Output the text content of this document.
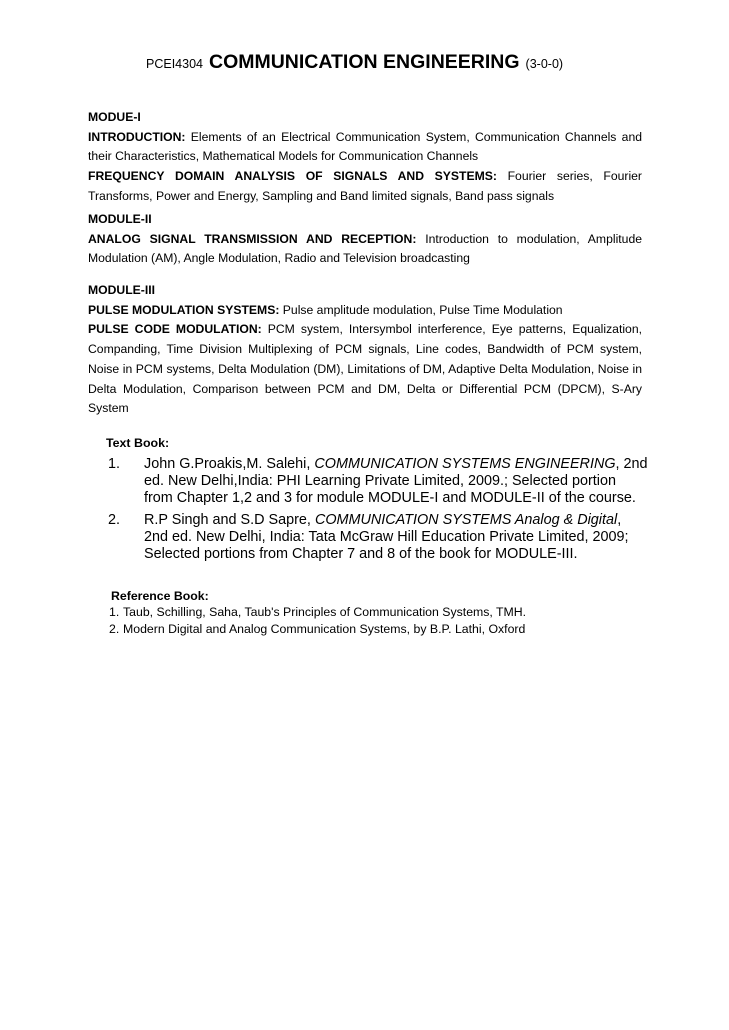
PCEI4304 COMMUNICATION ENGINEERING (3-0-0)

MODUE-I

INTRODUCTION: Elements of an Electrical Communication System, Communication Channels and their Characteristics, Mathematical Models for Communication Channels

FREQUENCY DOMAIN ANALYSIS OF SIGNALS AND SYSTEMS: Fourier series, Fourier Transforms, Power and Energy, Sampling and Band limited signals, Band pass signals

MODULE-II

ANALOG SIGNAL TRANSMISSION AND RECEPTION: Introduction to modulation, Amplitude Modulation (AM), Angle Modulation, Radio and Television broadcasting

MODULE-III

PULSE MODULATION SYSTEMS: Pulse amplitude modulation, Pulse Time Modulation

PULSE CODE MODULATION: PCM system, Intersymbol interference, Eye patterns, Equalization, Companding, Time Division Multiplexing of PCM signals, Line codes, Bandwidth of PCM system, Noise in PCM systems, Delta Modulation (DM), Limitations of DM, Adaptive Delta Modulation, Noise in Delta Modulation, Comparison between PCM and DM, Delta or Differential PCM (DPCM), S-Ary System

Text Book:
1. John G.Proakis,M. Salehi, COMMUNICATION SYSTEMS ENGINEERING, 2nd ed. New Delhi,India: PHI Learning Private Limited, 2009.; Selected portion from Chapter 1,2 and 3 for module MODULE-I and MODULE-II of the course.
2. R.P Singh and S.D Sapre, COMMUNICATION SYSTEMS Analog & Digital, 2nd ed. New Delhi, India: Tata McGraw Hill Education Private Limited, 2009; Selected portions from Chapter 7 and 8 of the book for MODULE-III.
Reference Book:
1. Taub, Schilling, Saha, Taub's Principles of Communication Systems, TMH.
2. Modern Digital and Analog Communication Systems, by B.P. Lathi, Oxford
